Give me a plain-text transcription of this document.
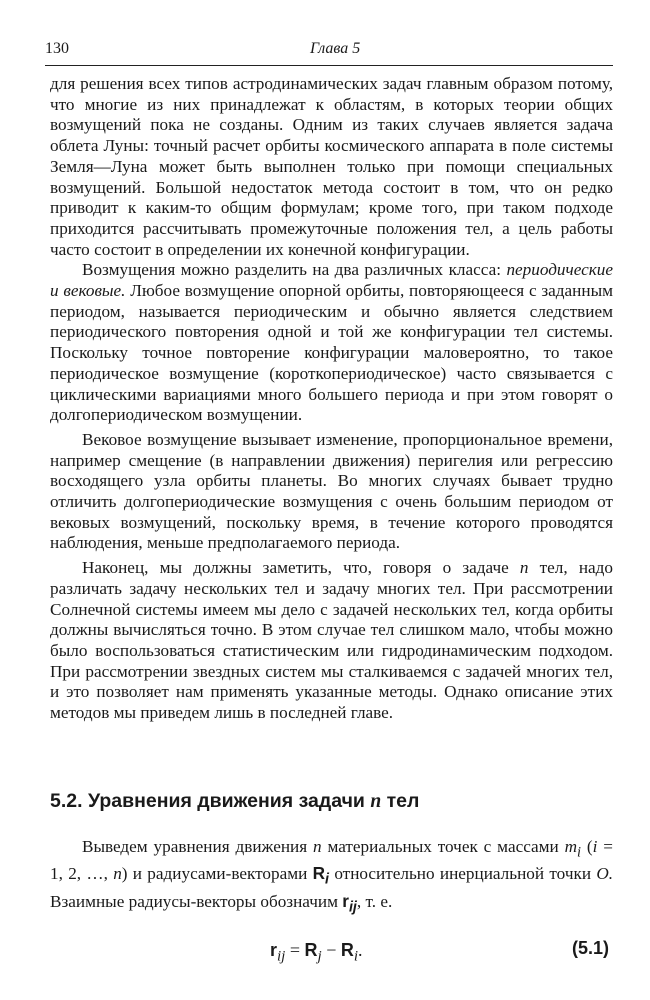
130	Глава 5

для решения всех типов астродинамических задач главным образом потому, что многие из них принадлежат к областям, в которых теории общих возмущений пока не созданы. Одним из таких случаев является задача облета Луны: точный расчет орбиты космического аппарата в поле системы Земля—Луна может быть выполнен только при помощи специальных возмущений. Большой недостаток метода состоит в том, что он редко приводит к каким-то общим формулам; кроме того, при таком подходе приходится рассчитывать промежуточные положения тел, а цель работы часто состоит в определении их конечной конфигурации.

Возмущения можно разделить на два различных класса: периодические и вековые. Любое возмущение опорной орбиты, повторяющееся с заданным периодом, называется периодическим и обычно является следствием периодического повторения одной и той же конфигурации тел системы. Поскольку точное повторение конфигурации маловероятно, то такое периодическое возмущение (короткопериодическое) часто связывается с циклическими вариациями много большего периода и при этом говорят о долгопериодическом возмущении.

Вековое возмущение вызывает изменение, пропорциональное времени, например смещение (в направлении движения) перигелия или регрессию восходящего узла орбиты планеты. Во многих случаях бывает трудно отличить долгопериодические возмущения с очень большим периодом от вековых возмущений, поскольку время, в течение которого проводятся наблюдения, меньше предполагаемого периода.

Наконец, мы должны заметить, что, говоря о задаче n тел, надо различать задачу нескольких тел и задачу многих тел. При рассмотрении Солнечной системы имеем мы дело с задачей нескольких тел, когда орбиты должны вычисляться точно. В этом случае тел слишком мало, чтобы можно было воспользоваться статистическим или гидродинамическим подходом. При рассмотрении звездных систем мы сталкиваемся с задачей многих тел, и это позволяет нам применять указанные методы. Однако описание этих методов мы приведем лишь в последней главе.

5.2. Уравнения движения задачи n тел

Выведем уравнения движения n материальных точек с массами $m_i$ (i = 1, 2, …, n) и радиусами-векторами $R_i$ относительно инерциальной точки O. Взаимные радиусы-векторы обозначим $r_{ij}$, т. е.

$r_{ij} = R_j - R_i$.	(5.1)
